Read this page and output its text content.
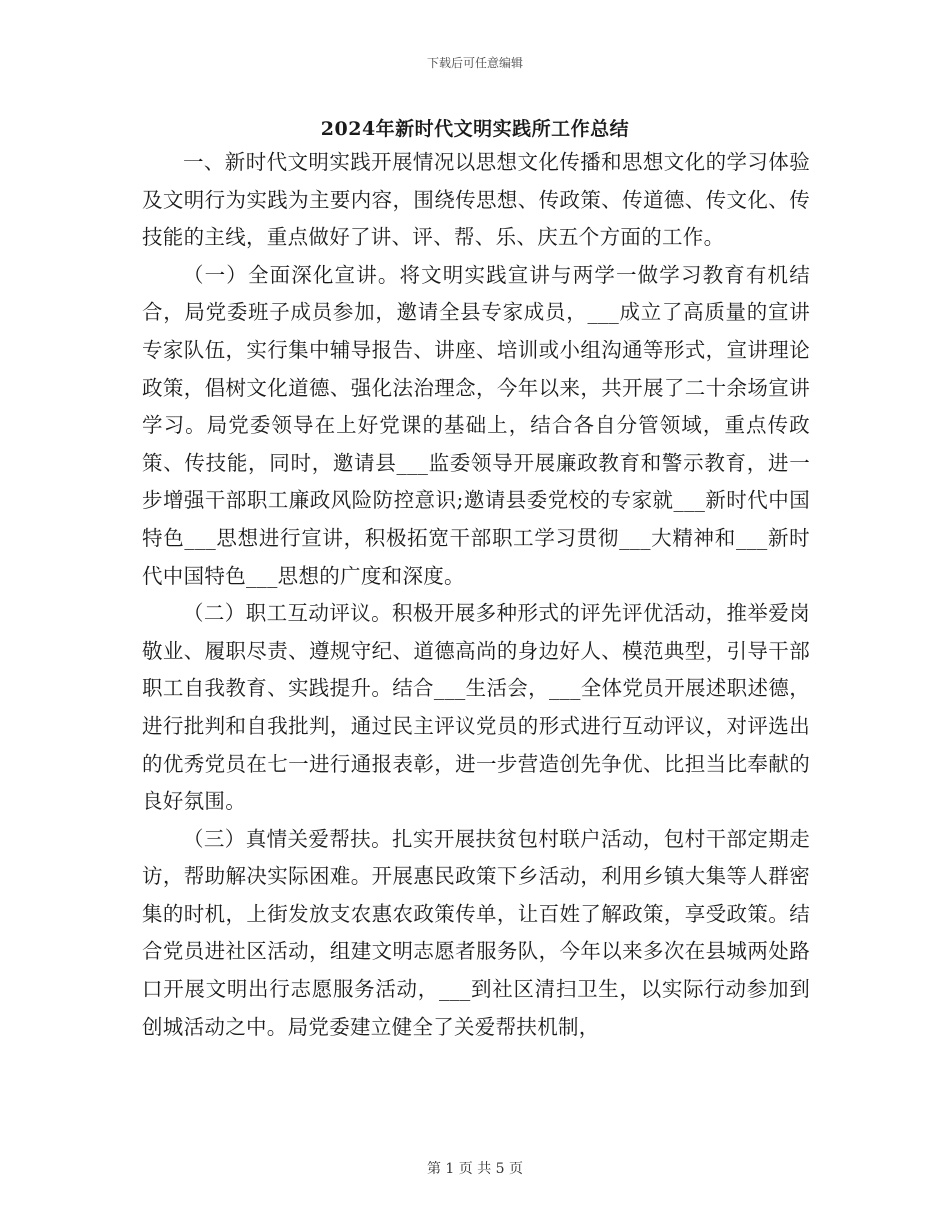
下载后可任意编辑
2024年新时代文明实践所工作总结

一、新时代文明实践开展情况以思想文化传播和思想文化的学习体验及文明行为实践为主要内容，围绕传思想、传政策、传道德、传文化、传技能的主线，重点做好了讲、评、帮、乐、庆五个方面的工作。

（一）全面深化宣讲。将文明实践宣讲与两学一做学习教育有机结合，局党委班子成员参加，邀请全县专家成员，___成立了高质量的宣讲专家队伍，实行集中辅导报告、讲座、培训或小组沟通等形式，宣讲理论政策，倡树文化道德、强化法治理念，今年以来，共开展了二十余场宣讲学习。局党委领导在上好党课的基础上，结合各自分管领域，重点传政策、传技能，同时，邀请县___监委领导开展廉政教育和警示教育，进一步增强干部职工廉政风险防控意识;邀请县委党校的专家就___新时代中国特色___思想进行宣讲，积极拓宽干部职工学习贯彻___大精神和___新时代中国特色___思想的广度和深度。

（二）职工互动评议。积极开展多种形式的评先评优活动，推举爱岗敬业、履职尽责、遵规守纪、道德高尚的身边好人、模范典型，引导干部职工自我教育、实践提升。结合___生活会，___全体党员开展述职述德，进行批判和自我批判，通过民主评议党员的形式进行互动评议，对评选出的优秀党员在七一进行通报表彰，进一步营造创先争优、比担当比奉献的良好氛围。

（三）真情关爱帮扶。扎实开展扶贫包村联户活动，包村干部定期走访，帮助解决实际困难。开展惠民政策下乡活动，利用乡镇大集等人群密集的时机，上街发放支农惠农政策传单，让百姓了解政策，享受政策。结合党员进社区活动，组建文明志愿者服务队，今年以来多次在县城两处路口开展文明出行志愿服务活动，___到社区清扫卫生，以实际行动参加到创城活动之中。局党委建立健全了关爱帮扶机制，

第 1 页 共 5 页
